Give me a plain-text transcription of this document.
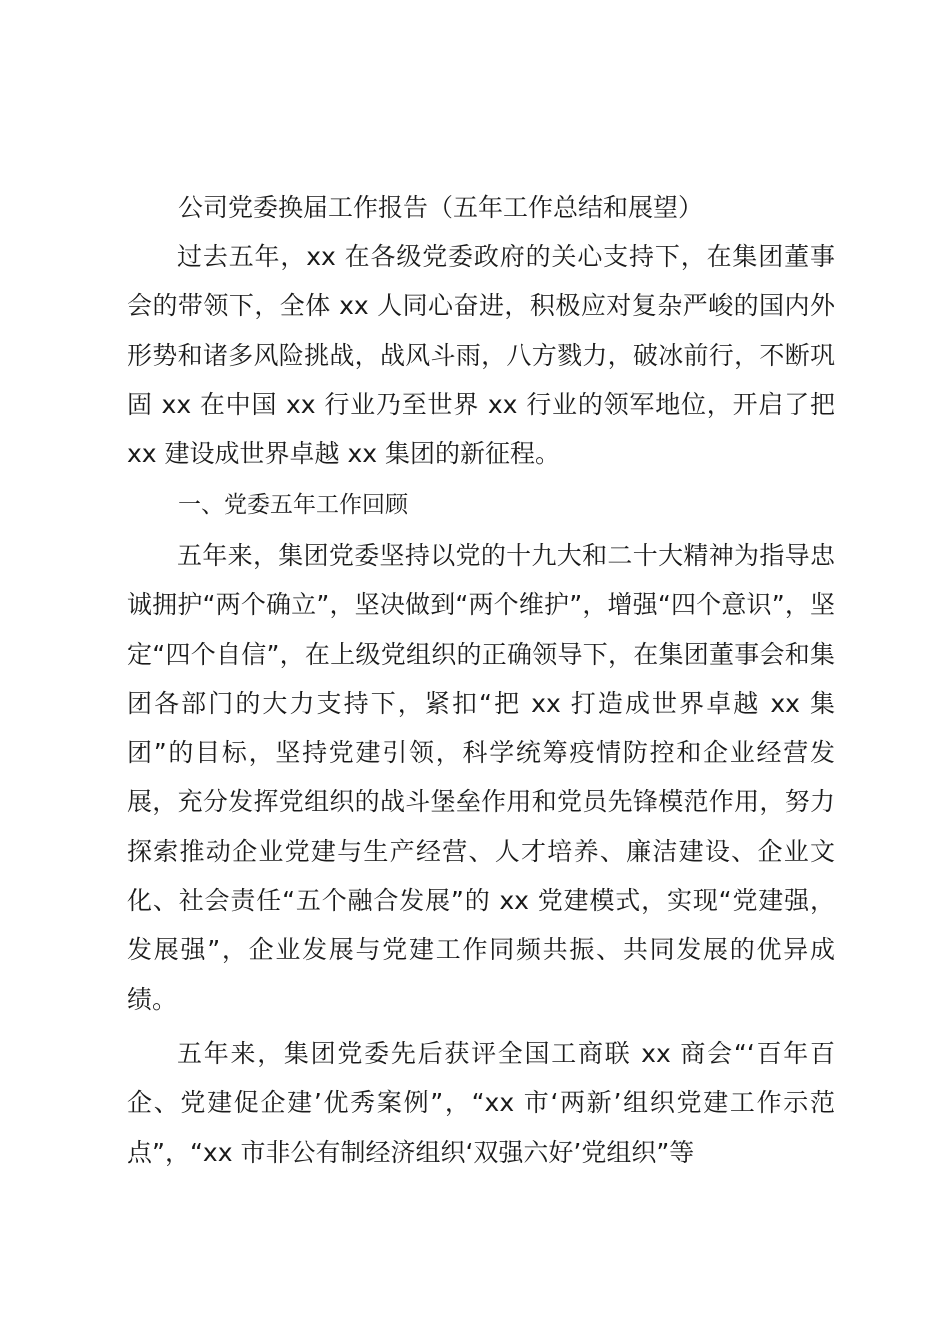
公司党委换届工作报告（五年工作总结和展望）

过去五年，xx 在各级党委政府的关心支持下，在集团董事会的带领下，全体 xx 人同心奋进，积极应对复杂严峻的国内外形势和诸多风险挑战，战风斗雨，八方戮力，破冰前行，不断巩固 xx 在中国 xx 行业乃至世界 xx 行业的领军地位，开启了把 xx 建设成世界卓越 xx 集团的新征程。

一、党委五年工作回顾

五年来，集团党委坚持以党的十九大和二十大精神为指导忠诚拥护“两个确立”，坚决做到“两个维护”，增强“四个意识”，坚定“四个自信”，在上级党组织的正确领导下，在集团董事会和集团各部门的大力支持下，紧扣“把 xx 打造成世界卓越 xx 集团”的目标，坚持党建引领，科学统筹疫情防控和企业经营发展，充分发挥党组织的战斗堡垒作用和党员先锋模范作用，努力探索推动企业党建与生产经营、人才培养、廉洁建设、企业文化、社会责任“五个融合发展”的 xx 党建模式，实现“党建强，发展强”，企业发展与党建工作同频共振、共同发展的优异成绩。

五年来，集团党委先后获评全国工商联 xx 商会“‘百年百企、党建促企建’优秀案例”，“xx 市‘两新’组织党建工作示范点”，“xx 市非公有制经济组织‘双强六好’党组织”等
